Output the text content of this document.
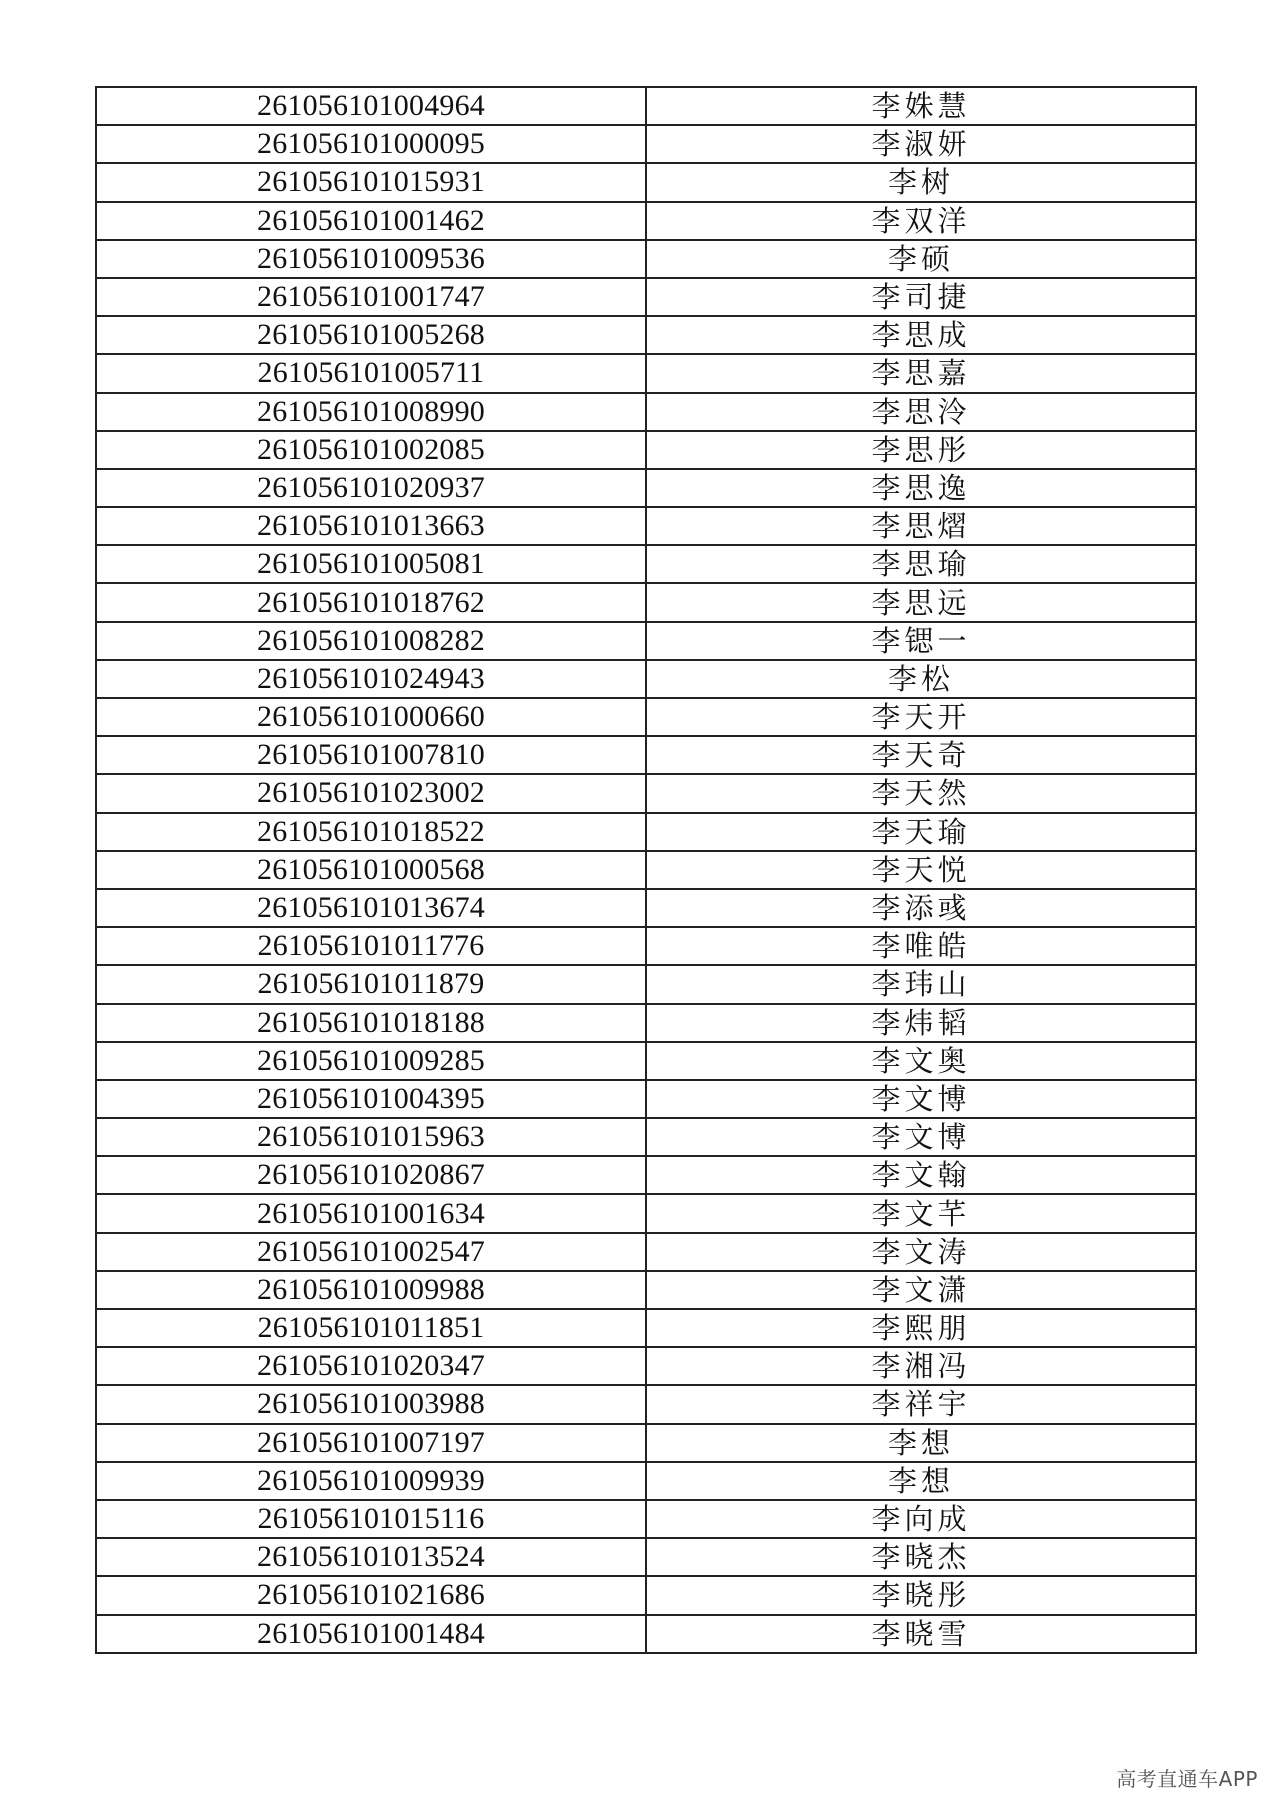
261056101004964	李姝慧
261056101000095	李淑妍
261056101015931	李树
261056101001462	李双洋
261056101009536	李硕
261056101001747	李司捷
261056101005268	李思成
261056101005711	李思嘉
261056101008990	李思泠
261056101002085	李思彤
261056101020937	李思逸
261056101013663	李思熠
261056101005081	李思瑜
261056101018762	李思远
261056101008282	李锶一
261056101024943	李松
261056101000660	李天开
261056101007810	李天奇
261056101023002	李天然
261056101018522	李天瑜
261056101000568	李天悦
261056101013674	李添彧
261056101011776	李唯皓
261056101011879	李玮山
261056101018188	李炜韬
261056101009285	李文奥
261056101004395	李文博
261056101015963	李文博
261056101020867	李文翰
261056101001634	李文芊
261056101002547	李文涛
261056101009988	李文潇
261056101011851	李熙朋
261056101020347	李湘冯
261056101003988	李祥宇
261056101007197	李想
261056101009939	李想
261056101015116	李向成
261056101013524	李晓杰
261056101021686	李晓彤
261056101001484	李晓雪
高考直通车APP
